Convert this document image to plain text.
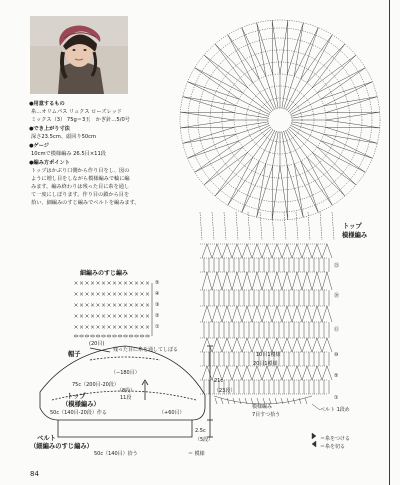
●用意するもの
糸…オリムパス リュクス ローズレッド
ミックス（3） 75g＝3玉　かぎ針…5/0号
●でき上がり寸法
深さ23.5cm、頭回り50cm
●ゲージ
10cmで模様編み 26.5目×11段
●編み方ポイント
トップはかぶり口側から作り目をし、図の
ように増し目をしながら模様編みで輪に編
みます。編み終わりは残った目に糸を通し
て一度にしぼります。作り目の鎖から目を
拾い、細編みのすじ編みでベルトを編みます。
細編みのすじ編み
⑤
④
③
②
①
帽子
(20目)
残った目に糸を通してしぼる
（−180目）
75c（200目-20段）
トップ
（模様編み）
（8段）
11段
（+60目）
50c（140目-20段）作る
ベルト
（細編みのすじ編み）
50c（140目）拾う
21c
（23段）
2.5c
（5段）
トップ
模様編み
10目1模様
20目1模様
模様編み
7目すつ拾う
ベルト 1段め
＝糸をつける
＝糸を切る
＝ 模様
㉓
⑳
⑮
⑩
⑤
①
84
